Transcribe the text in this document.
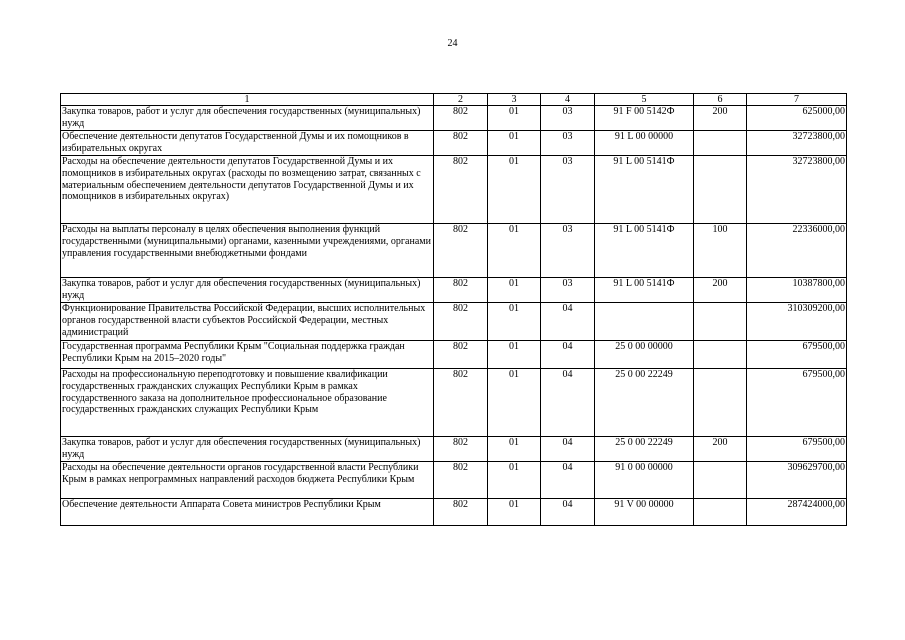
24
1	2	3	4	5	6	7
Закупка товаров, работ и услуг для обеспечения государственных (муниципальных) нужд	802	01	03	91 F 00 5142Ф	200	625000,00
Обеспечение деятельности депутатов Государственной Думы и их помощников в избирательных округах	802	01	03	91 L 00 00000		32723800,00
Расходы на обеспечение деятельности депутатов Государственной Думы и их помощников в избирательных округах (расходы по возмещению затрат, связанных с материальным обеспечением деятельности депутатов Государственной Думы и их помощников в избирательных округах)	802	01	03	91 L 00 5141Ф		32723800,00
Расходы на выплаты персоналу в целях обеспечения выполнения функций государственными (муниципальными) органами, казенными учреждениями, органами управления государственными внебюджетными фондами	802	01	03	91 L 00 5141Ф	100	22336000,00
Закупка товаров, работ и услуг для обеспечения государственных (муниципальных) нужд	802	01	03	91 L 00 5141Ф	200	10387800,00
Функционирование Правительства Российской Федерации, высших исполнительных органов государственной власти субъектов Российской Федерации, местных администраций	802	01	04			310309200,00
Государственная программа Республики Крым "Социальная поддержка граждан Республики Крым на 2015–2020 годы"	802	01	04	25 0 00 00000		679500,00
Расходы на профессиональную переподготовку и повышение квалификации государственных гражданских служащих Республики Крым в рамках государственного заказа на дополнительное профессиональное образование государственных гражданских служащих Республики Крым	802	01	04	25 0 00 22249		679500,00
Закупка товаров, работ и услуг для обеспечения государственных (муниципальных) нужд	802	01	04	25 0 00 22249	200	679500,00
Расходы на обеспечение деятельности органов государственной власти Республики Крым в рамках непрограммных направлений расходов бюджета Республики Крым	802	01	04	91 0 00 00000		309629700,00
Обеспечение деятельности Аппарата Совета министров Республики Крым	802	01	04	91 V 00 00000		287424000,00
